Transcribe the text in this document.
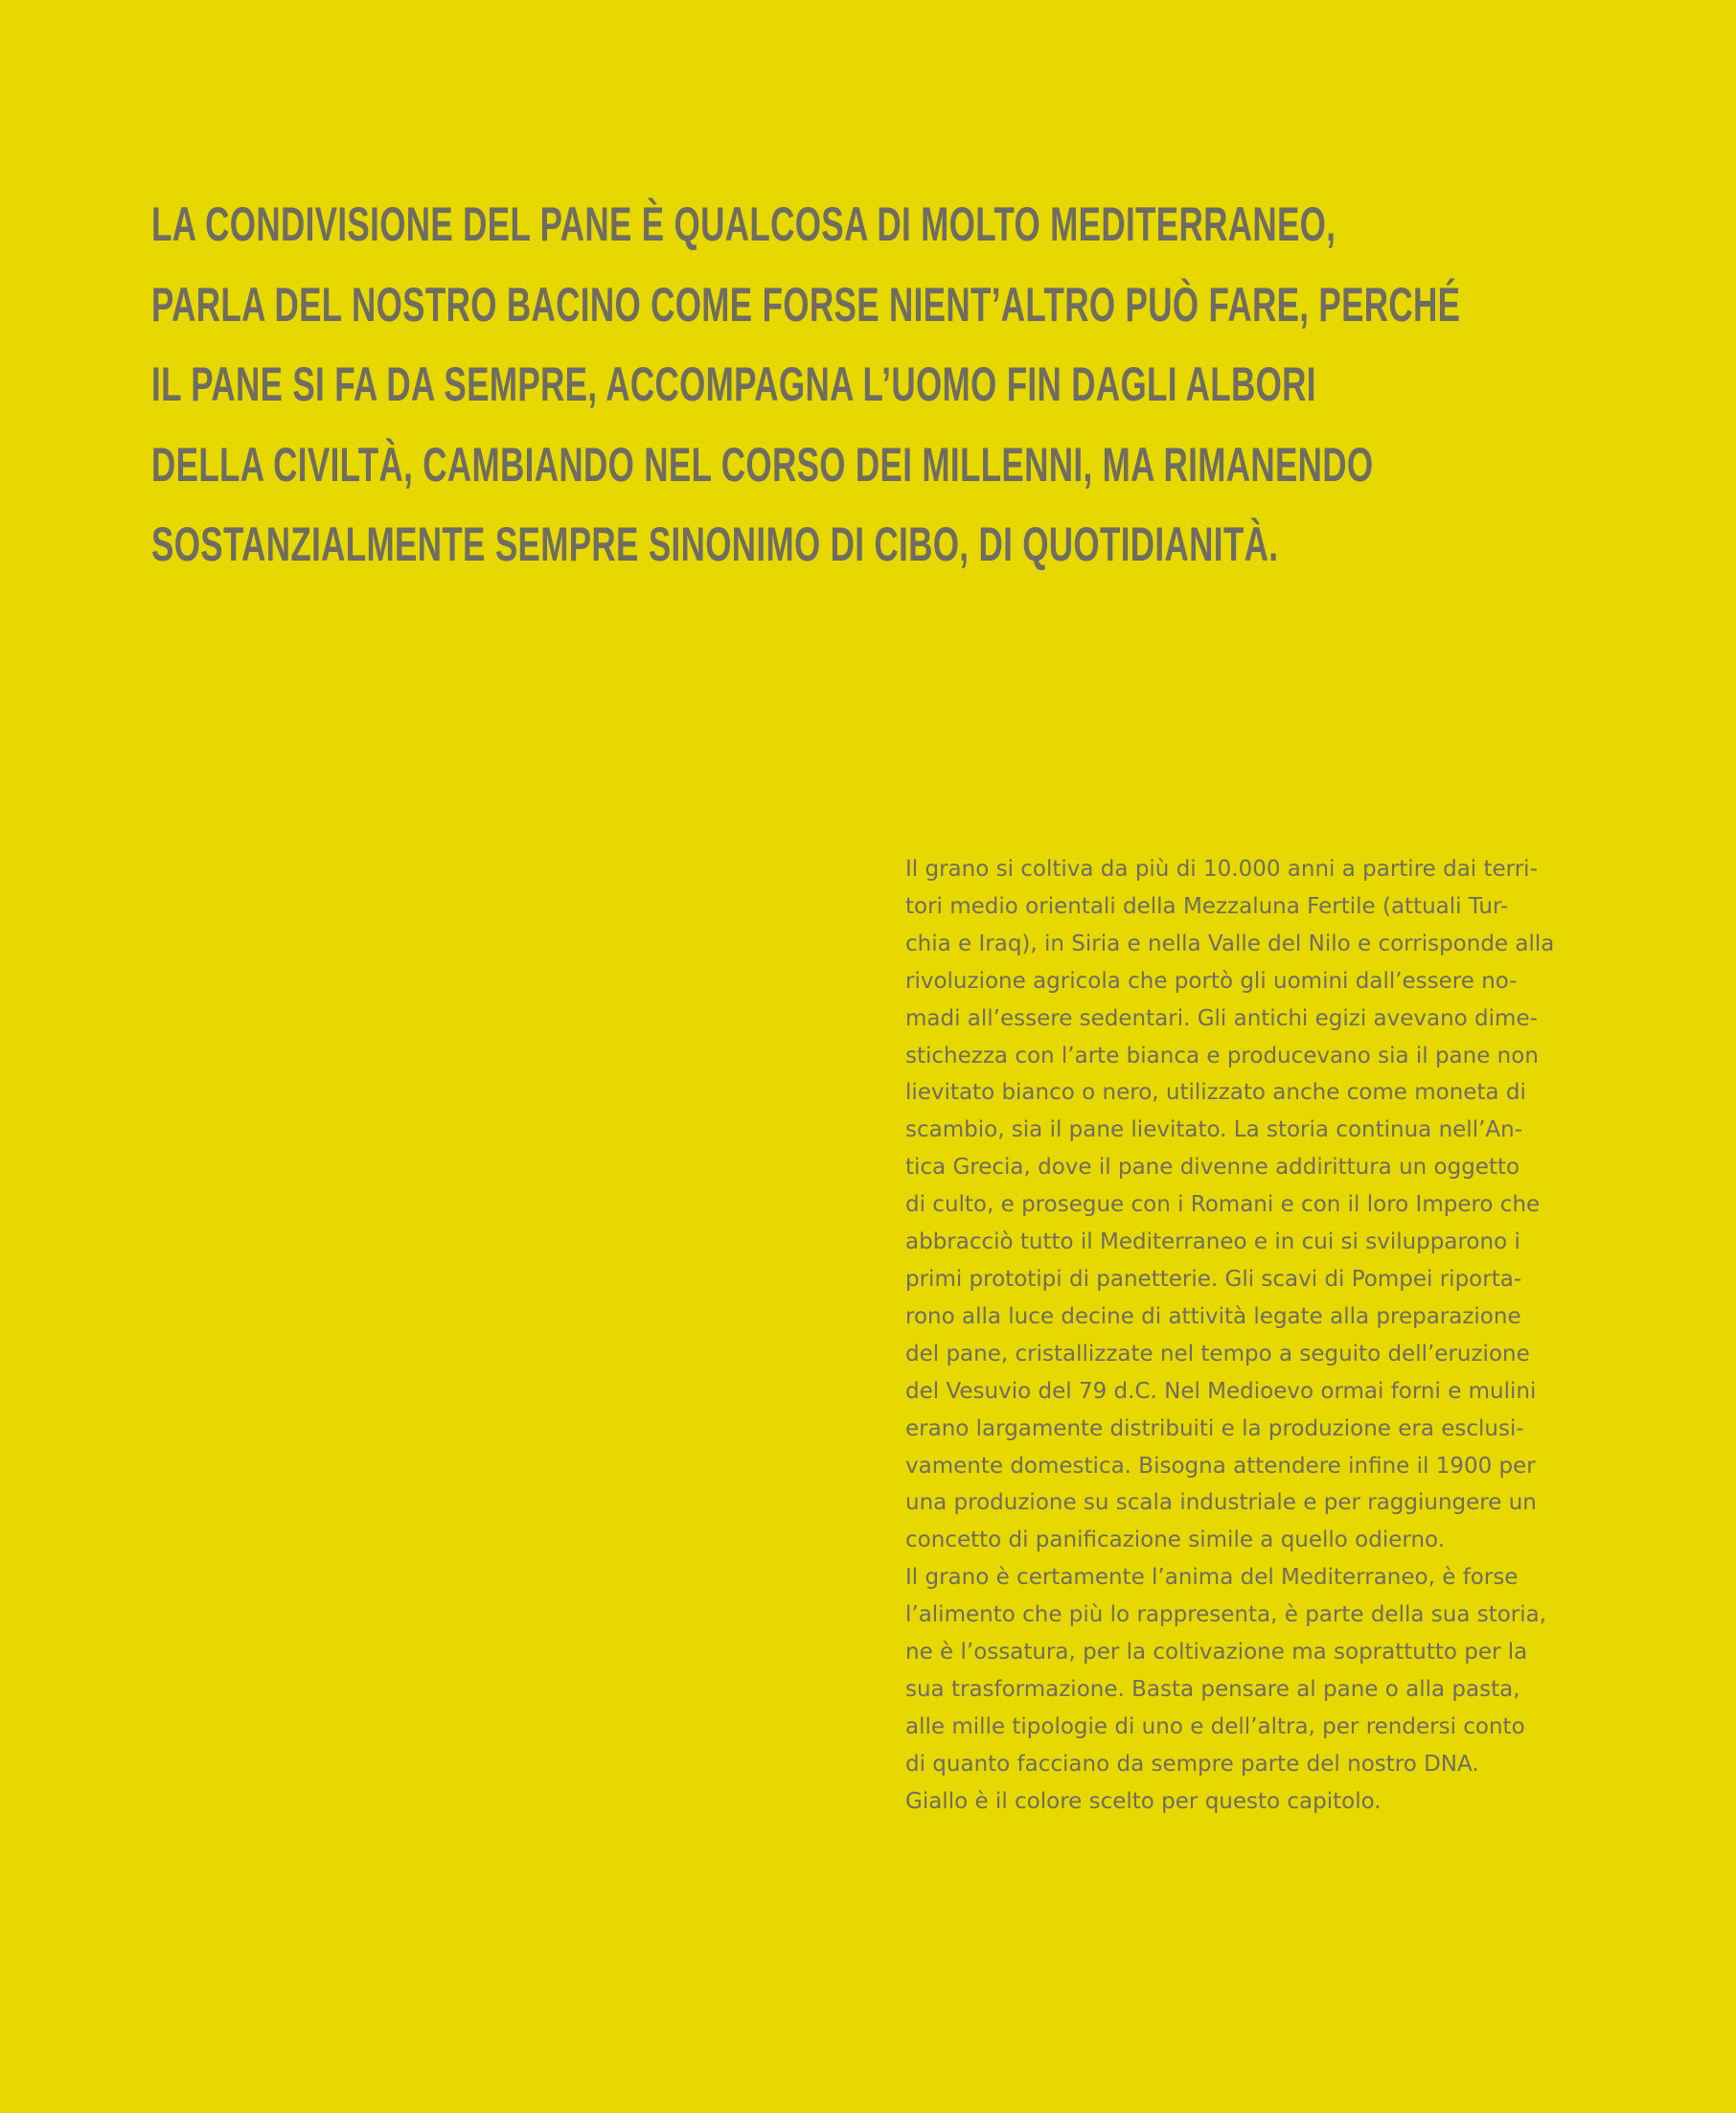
LA CONDIVISIONE DEL PANE È QUALCOSA DI MOLTO MEDITERRANEO,
PARLA DEL NOSTRO BACINO COME FORSE NIENT’ALTRO PUÒ FARE, PERCHÉ
IL PANE SI FA DA SEMPRE, ACCOMPAGNA L’UOMO FIN DAGLI ALBORI
DELLA CIVILTÀ, CAMBIANDO NEL CORSO DEI MILLENNI, MA RIMANENDO
SOSTANZIALMENTE SEMPRE SINONIMO DI CIBO, DI QUOTIDIANITÀ.
Il grano si coltiva da più di 10.000 anni a partire dai terri-
tori medio orientali della Mezzaluna Fertile (attuali Tur-
chia e Iraq), in Siria e nella Valle del Nilo e corrisponde alla
rivoluzione agricola che portò gli uomini dall’essere no-
madi all’essere sedentari. Gli antichi egizi avevano dime-
stichezza con l’arte bianca e producevano sia il pane non
lievitato bianco o nero, utilizzato anche come moneta di
scambio, sia il pane lievitato. La storia continua nell’An-
tica Grecia, dove il pane divenne addirittura un oggetto
di culto, e prosegue con i Romani e con il loro Impero che
abbracciò tutto il Mediterraneo e in cui si svilupparono i
primi prototipi di panetterie. Gli scavi di Pompei riporta-
rono alla luce decine di attività legate alla preparazione
del pane, cristallizzate nel tempo a seguito dell’eruzione
del Vesuvio del 79 d.C. Nel Medioevo ormai forni e mulini
erano largamente distribuiti e la produzione era esclusi-
vamente domestica. Bisogna attendere infine il 1900 per
una produzione su scala industriale e per raggiungere un
concetto di panificazione simile a quello odierno.
Il grano è certamente l’anima del Mediterraneo, è forse
l’alimento che più lo rappresenta, è parte della sua storia,
ne è l’ossatura, per la coltivazione ma soprattutto per la
sua trasformazione. Basta pensare al pane o alla pasta,
alle mille tipologie di uno e dell’altra, per rendersi conto
di quanto facciano da sempre parte del nostro DNA.
Giallo è il colore scelto per questo capitolo.
